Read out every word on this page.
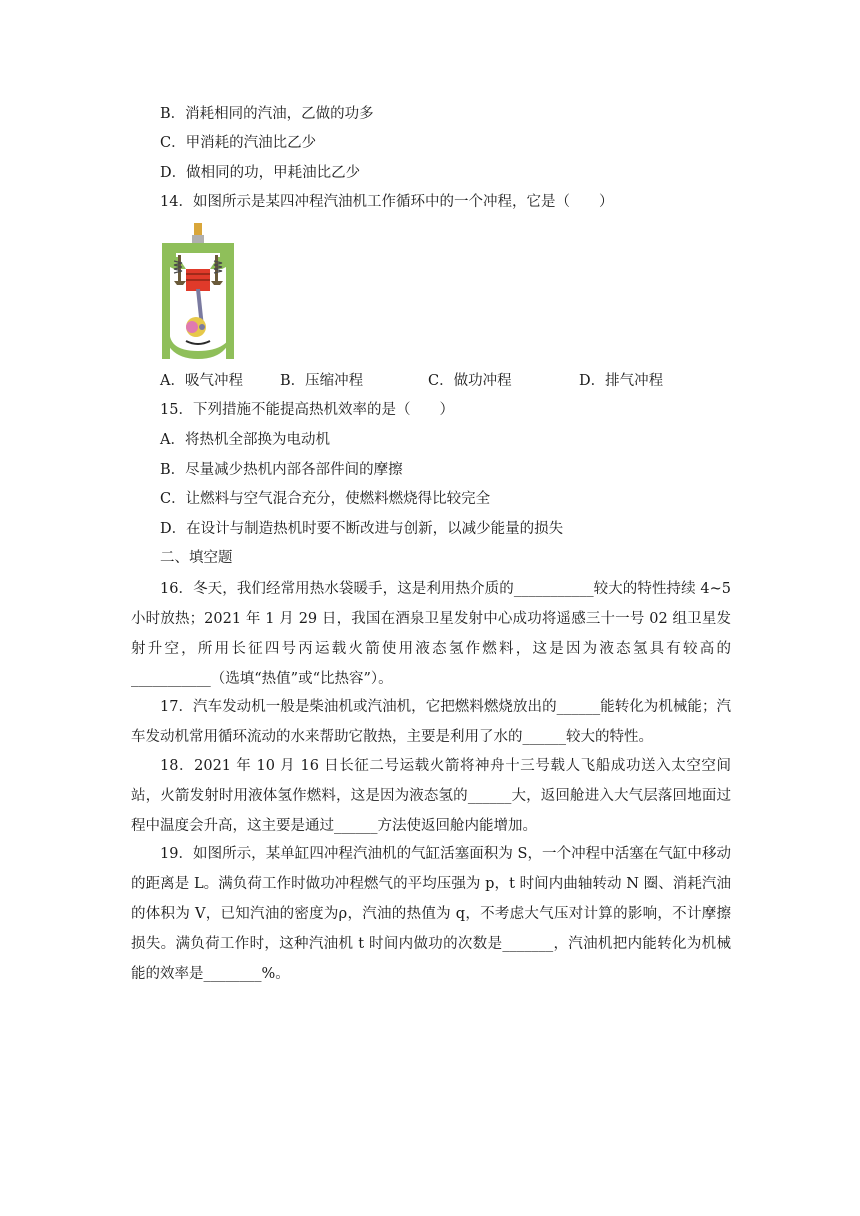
B．消耗相同的汽油，乙做的功多
C．甲消耗的汽油比乙少
D．做相同的功，甲耗油比乙少
14．如图所示是某四冲程汽油机工作循环中的一个冲程，它是（　　）
A．吸气冲程	B．压缩冲程	C．做功冲程	D．排气冲程
15．下列措施不能提高热机效率的是（　　）
A．将热机全部换为电动机
B．尽量减少热机内部各部件间的摩擦
C．让燃料与空气混合充分，使燃料燃烧得比较完全
D．在设计与制造热机时要不断改进与创新，以减少能量的损失
二、填空题
16．冬天，我们经常用热水袋暖手，这是利用热介质的___________较大的特性持续 4~5 小时放热；2021 年 1 月 29 日，我国在酒泉卫星发射中心成功将遥感三十一号 02 组卫星发射升空，所用长征四号丙运载火箭使用液态氢作燃料，这是因为液态氢具有较高的___________（选填“热值”或“比热容”）。
17．汽车发动机一般是柴油机或汽油机，它把燃料燃烧放出的______能转化为机械能；汽车发动机常用循环流动的水来帮助它散热，主要是利用了水的______较大的特性。
18．2021 年 10 月 16 日长征二号运载火箭将神舟十三号载人飞船成功送入太空空间站，火箭发射时用液体氢作燃料，这是因为液态氢的______大，返回舱进入大气层落回地面过程中温度会升高，这主要是通过______方法使返回舱内能增加。
19．如图所示，某单缸四冲程汽油机的气缸活塞面积为 S，一个冲程中活塞在气缸中移动的距离是 L。满负荷工作时做功冲程燃气的平均压强为 p，t 时间内曲轴转动 N 圈、消耗汽油的体积为 V，已知汽油的密度为ρ，汽油的热值为 q，不考虑大气压对计算的影响，不计摩擦损失。满负荷工作时，这种汽油机 t 时间内做功的次数是_______，汽油机把内能转化为机械能的效率是________%。
